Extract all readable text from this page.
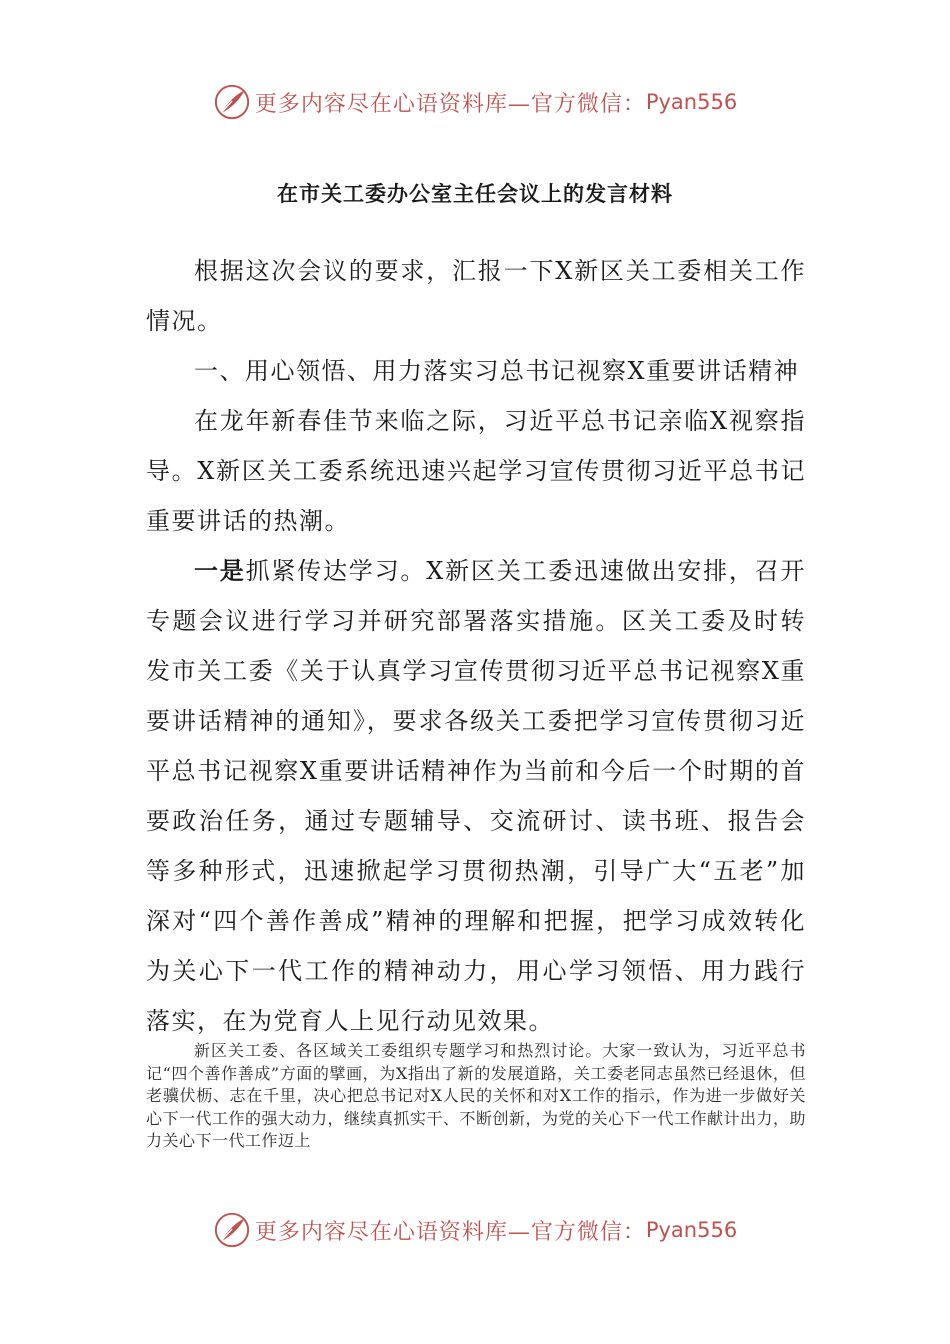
更多内容尽在心语资料库—官方微信： Pyan556
在市关工委办公室主任会议上的发言材料

根据这次会议的要求，汇报一下X新区关工委相关工作情况。

一、用心领悟、用力落实习总书记视察X重要讲话精神

在龙年新春佳节来临之际，习近平总书记亲临X视察指导。X新区关工委系统迅速兴起学习宣传贯彻习近平总书记重要讲话的热潮。

一是抓紧传达学习。X新区关工委迅速做出安排，召开专题会议进行学习并研究部署落实措施。区关工委及时转发市关工委《关于认真学习宣传贯彻习近平总书记视察X重要讲话精神的通知》，要求各级关工委把学习宣传贯彻习近平总书记视察X重要讲话精神作为当前和今后一个时期的首要政治任务，通过专题辅导、交流研讨、读书班、报告会等多种形式，迅速掀起学习贯彻热潮，引导广大“五老”加深对“四个善作善成”精神的理解和把握，把学习成效转化为关心下一代工作的精神动力，用心学习领悟、用力践行落实，在为党育人上见行动见效果。

新区关工委、各区域关工委组织专题学习和热烈讨论。大家一致认为，习近平总书记“四个善作善成”方面的擘画，为X指出了新的发展道路，关工委老同志虽然已经退休，但老骥伏枥、志在千里，决心把总书记对X人民的关怀和对X工作的指示，作为进一步做好关心下一代工作的强大动力，继续真抓实干、不断创新，为党的关心下一代工作献计出力，助力关心下一代工作迈上

更多内容尽在心语资料库—官方微信： Pyan556
